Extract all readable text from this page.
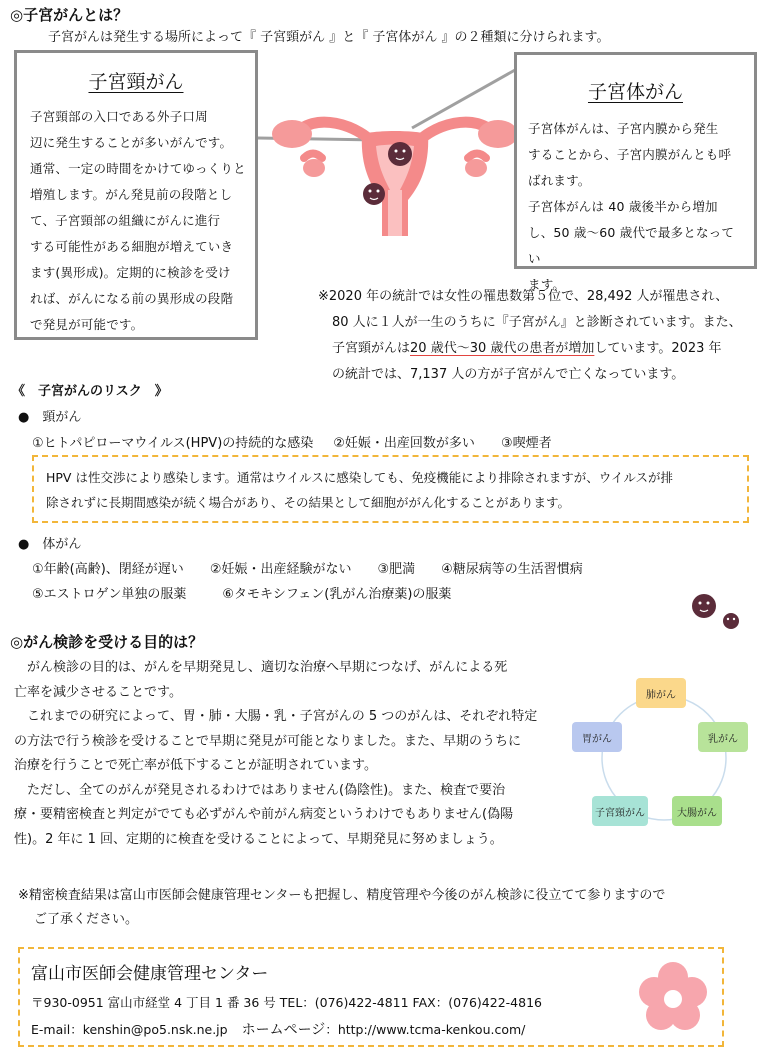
◎子宮がんとは？
子宮がんは発生する場所によって『 子宮頸がん 』と『 子宮体がん 』の２種類に分けられます。
子宮頸がん
子宮頸部の入口である外子口周
辺に発生することが多いがんです。
通常、一定の時間をかけてゆっくりと
増殖します。がん発見前の段階とし
て、子宮頸部の組織にがんに進行
する可能性がある細胞が増えていき
ます(異形成)。定期的に検診を受け
れば、がんになる前の異形成の段階
で発見が可能です。
子宮体がん
子宮体がんは、子宮内膜から発生
することから、子宮内膜がんとも呼
ばれます。
子宮体がんは 40 歳後半から増加
し、50 歳～60 歳代で最多となってい
ます。
※2020 年の統計では女性の罹患数第５位で、28,492 人が罹患され、
80 人に１人が一生のうちに『子宮がん』と診断されています。また、
子宮頸がんは20 歳代～30 歳代の患者が増加しています。2023 年
の統計では、7,137 人の方が子宮がんで亡くなっています。
《　子宮がんのリスク　》
●　頸がん
①ヒトパピローマウイルス(HPV)の持続的な感染 ②妊娠・出産回数が多い ③喫煙者
HPV は性交渉により感染します。通常はウイルスに感染しても、免疫機能により排除されますが、ウイルスが排
除されずに長期間感染が続く場合があり、その結果として細胞ががん化することがあります。
●　体がん
①年齢(高齢)、閉経が遅い ②妊娠・出産経験がない ③肥満 ④糖尿病等の生活習慣病
⑤エストロゲン単独の服薬	⑥タモキシフェン(乳がん治療薬)の服薬
◎がん検診を受ける目的は？
　がん検診の目的は、がんを早期発見し、適切な治療へ早期につなげ、がんによる死
亡率を減少させることです。
　これまでの研究によって、胃・肺・大腸・乳・子宮がんの 5 つのがんは、それぞれ特定
の方法で行う検診を受けることで早期に発見が可能となりました。また、早期のうちに
治療を行うことで死亡率が低下することが証明されています。
　ただし、全てのがんが発見されるわけではありません(偽陰性)。また、検査で要治
療・要精密検査と判定がでても必ずがんや前がん病変というわけでもありません(偽陽
性)。2 年に 1 回、定期的に検査を受けることによって、早期発見に努めましょう。
肺がん
乳がん
大腸がん
子宮頸がん
胃がん
※精密検査結果は富山市医師会健康管理センターも把握し、精度管理や今後のがん検診に役立てて参りますので
ご了承ください。
富山市医師会健康管理センター
〒930-0951 富山市経堂 4 丁目 1 番 36 号 TEL：(076)422-4811 FAX：(076)422-4816
E-mail：kenshin@po5.nsk.ne.jp ホームページ：http://www.tcma-kenkou.com/
